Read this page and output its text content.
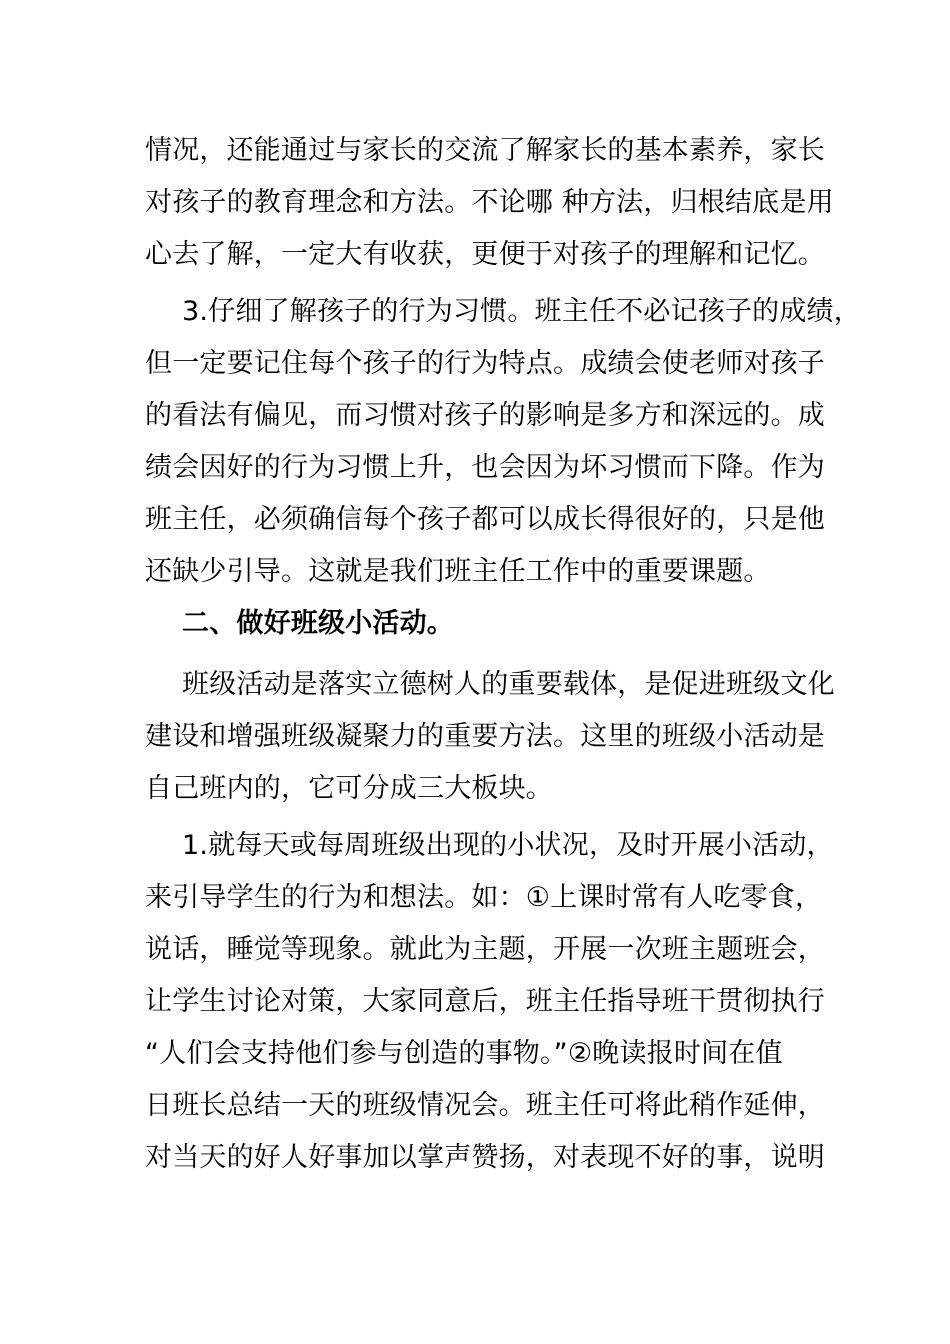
情况，还能通过与家长的交流了解家长的基本素养，家长
对孩子的教育理念和方法。不论哪 种方法，归根结底是用
心去了解，一定大有收获，更便于对孩子的理解和记忆。
3.仔细了解孩子的行为习惯。班主任不必记孩子的成绩，
但一定要记住每个孩子的行为特点。成绩会使老师对孩子
的看法有偏见，而习惯对孩子的影响是多方和深远的。成
绩会因好的行为习惯上升，也会因为坏习惯而下降。作为
班主任，必须确信每个孩子都可以成长得很好的，只是他
还缺少引导。这就是我们班主任工作中的重要课题。
二、做好班级小活动。
班级活动是落实立德树人的重要载体，是促进班级文化
建设和增强班级凝聚力的重要方法。这里的班级小活动是
自己班内的，它可分成三大板块。
1.就每天或每周班级出现的小状况，及时开展小活动，
来引导学生的行为和想法。如：①上课时常有人吃零食，
说话，睡觉等现象。就此为主题，开展一次班主题班会，
让学生讨论对策，大家同意后，班主任指导班干贯彻执行
“人们会支持他们参与创造的事物。”②晚读报时间在值
日班长总结一天的班级情况会。班主任可将此稍作延伸，
对当天的好人好事加以掌声赞扬，对表现不好的事，说明
